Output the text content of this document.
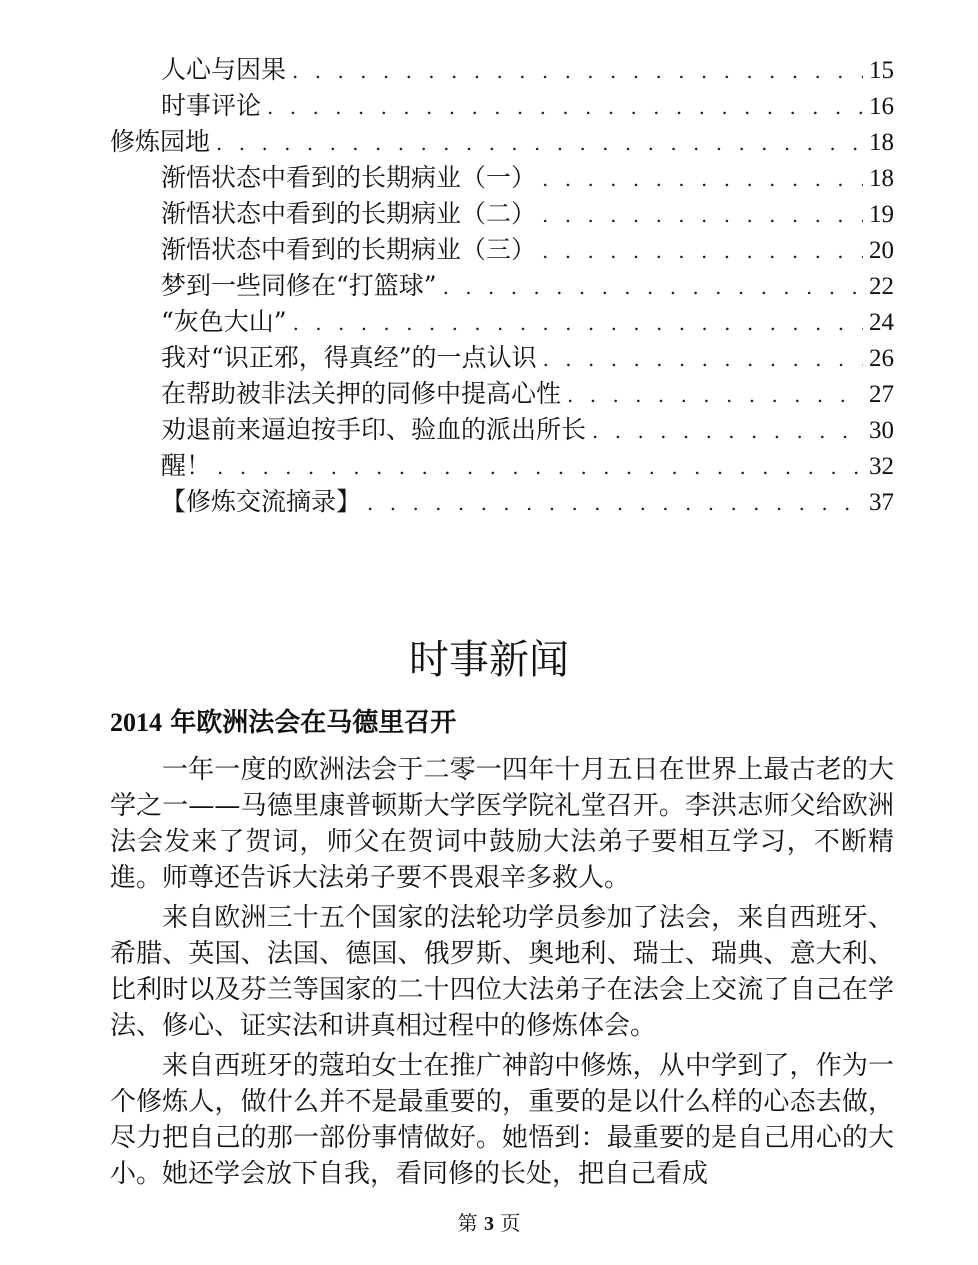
人心与因果 . . .	15
时事评论 . . .	16
修炼园地 . . .	18
渐悟状态中看到的长期病业（一） . . .	18
渐悟状态中看到的长期病业（二） . . .	19
渐悟状态中看到的长期病业（三） . . .	20
梦到一些同修在“打篮球” . . .	22
“灰色大山” . . .	24
我对“识正邪，得真经”的一点认识 . . .	26
在帮助被非法关押的同修中提高心性 . . .	27
劝退前来逼迫按手印、验血的派出所长 . . .	30
醒！ . . .	32
【修炼交流摘录】 . . .	37
时事新闻
2014 年欧洲法会在马德里召开

一年一度的欧洲法会于二零一四年十月五日在世界上最古老的大学之一——马德里康普顿斯大学医学院礼堂召开。李洪志师父给欧洲法会发来了贺词，师父在贺词中鼓励大法弟子要相互学习，不断精進。师尊还告诉大法弟子要不畏艰辛多救人。

来自欧洲三十五个国家的法轮功学员参加了法会，来自西班牙、希腊、英国、法国、德国、俄罗斯、奥地利、瑞士、瑞典、意大利、比利时以及芬兰等国家的二十四位大法弟子在法会上交流了自己在学法、修心、证实法和讲真相过程中的修炼体会。

来自西班牙的蔻珀女士在推广神韵中修炼，从中学到了，作为一个修炼人，做什么并不是最重要的，重要的是以什么样的心态去做，尽力把自己的那一部份事情做好。她悟到：最重要的是自己用心的大小。她还学会放下自我，看同修的长处，把自己看成

第 3 页
